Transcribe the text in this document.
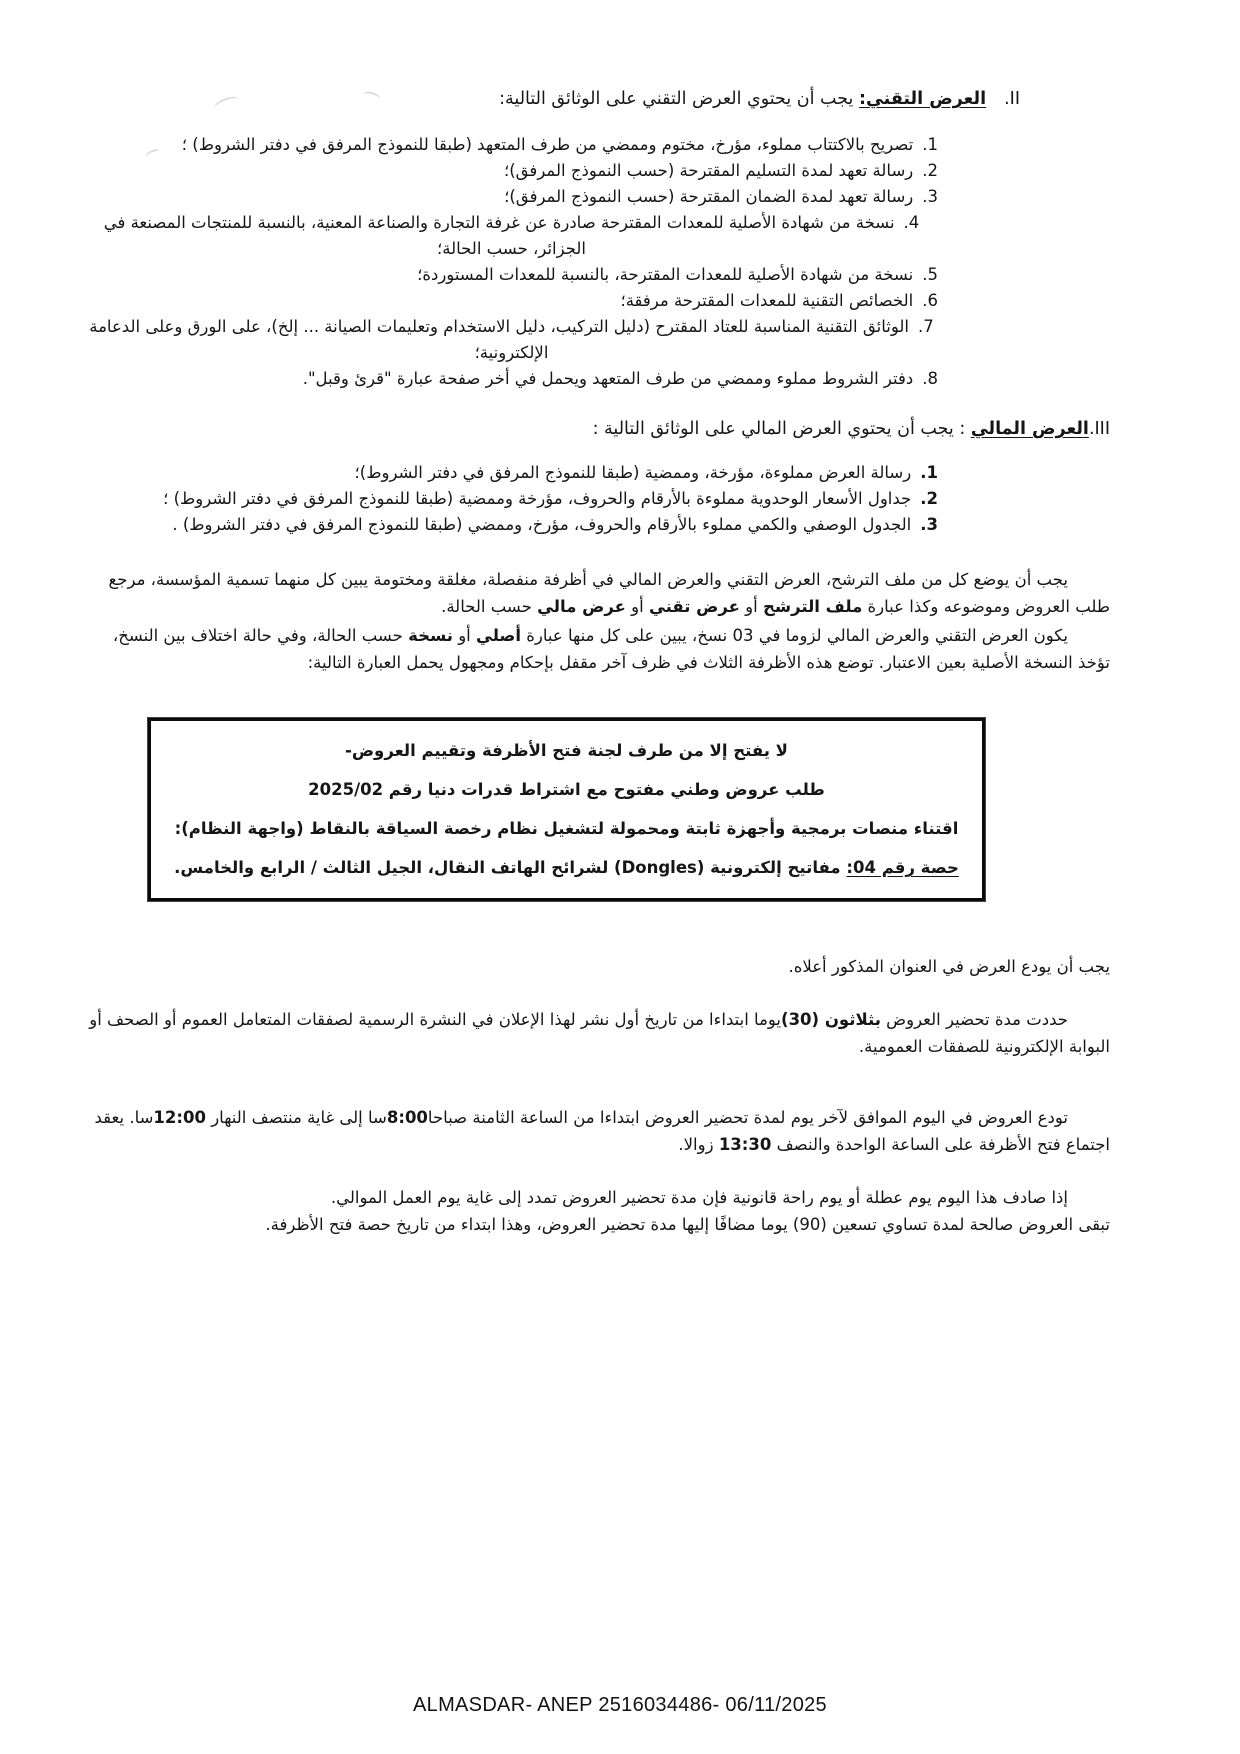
II.العرض التقني: يجب أن يحتوي العرض التقني على الوثائق التالية:
1.تصريح بالاكتتاب مملوء، مؤرخ، مختوم وممضي من طرف المتعهد (طبقا للنموذج المرفق في دفتر الشروط) ؛
2.رسالة تعهد لمدة التسليم المقترحة (حسب النموذج المرفق)؛
3.رسالة تعهد لمدة الضمان المقترحة (حسب النموذج المرفق)؛
4.نسخة من شهادة الأصلية للمعدات المقترحة صادرة عن غرفة التجارة والصناعة المعنية، بالنسبة للمنتجات المصنعة في الجزائر، حسب الحالة؛
5.نسخة من شهادة الأصلية للمعدات المقترحة، بالنسبة للمعدات المستوردة؛
6.الخصائص التقنية للمعدات المقترحة مرفقة؛
7.الوثائق التقنية المناسبة للعتاد المقترح (دليل التركيب، دليل الاستخدام وتعليمات الصيانة ... إلخ)، على الورق وعلى الدعامة الإلكترونية؛
8.دفتر الشروط مملوء وممضي من طرف المتعهد ويحمل في أخر صفحة عبارة "قرئ وقبل".
III.العرض المالي : يجب أن يحتوي العرض المالي على الوثائق التالية :
1.رسالة العرض مملوءة، مؤرخة، وممضية (طبقا للنموذج المرفق في دفتر الشروط)؛
2.جداول الأسعار الوحدوية مملوءة بالأرقام والحروف، مؤرخة وممضية (طبقا للنموذج المرفق في دفتر الشروط) ؛
3.الجدول الوصفي والكمي مملوء بالأرقام والحروف، مؤرخ، وممضي (طبقا للنموذج المرفق في دفتر الشروط) .

يجب أن يوضع كل من ملف الترشح، العرض التقني والعرض المالي في أظرفة منفصلة، مغلقة ومختومة يبين كل منهما تسمية المؤسسة، مرجع طلب العروض وموضوعه وكذا عبارة ملف الترشح أو عرض تقني أو عرض مالي حسب الحالة.

يكون العرض التقني والعرض المالي لزوما في 03 نسخ، يبين على كل منها عبارة أصلي أو نسخة حسب الحالة، وفي حالة اختلاف بين النسخ، تؤخذ النسخة الأصلية بعين الاعتبار. توضع هذه الأظرفة الثلاث في ظرف آخر مقفل بإحكام ومجهول يحمل العبارة التالية:

لا يفتح إلا من طرف لجنة فتح الأظرفة وتقييم العروض-

طلب عروض وطني مفتوح مع اشتراط قدرات دنيا رقم 2025/02

اقتناء منصات برمجية وأجهزة ثابتة ومحمولة لتشغيل نظام رخصة السياقة بالنقاط (واجهة النظام):

حصة رقم 04: مفاتيح إلكترونية (Dongles) لشرائح الهاتف النقال، الجيل الثالث / الرابع والخامس.

يجب أن يودع العرض في العنوان المذكور أعلاه.

حددت مدة تحضير العروض بثلاثون (30)يوما ابتداءا من تاريخ أول نشر لهذا الإعلان في النشرة الرسمية لصفقات المتعامل العموم أو الصحف أو البوابة الإلكترونية للصفقات العمومية.

تودع العروض في اليوم الموافق لآخر يوم لمدة تحضير العروض ابتداءا من الساعة الثامنة صباحا8:00سا إلى غاية منتصف النهار 12:00سا. يعقد اجتماع فتح الأظرفة على الساعة الواحدة والنصف 13:30 زوالا.

إذا صادف هذا اليوم يوم عطلة أو يوم راحة قانونية فإن مدة تحضير العروض تمدد إلى غاية يوم العمل الموالي.

تبقى العروض صالحة لمدة تساوي تسعين (90) يوما مضافًا إليها مدة تحضير العروض، وهذا ابتداء من تاريخ حصة فتح الأظرفة.

ALMASDAR- ANEP 2516034486- 06/11/2025
